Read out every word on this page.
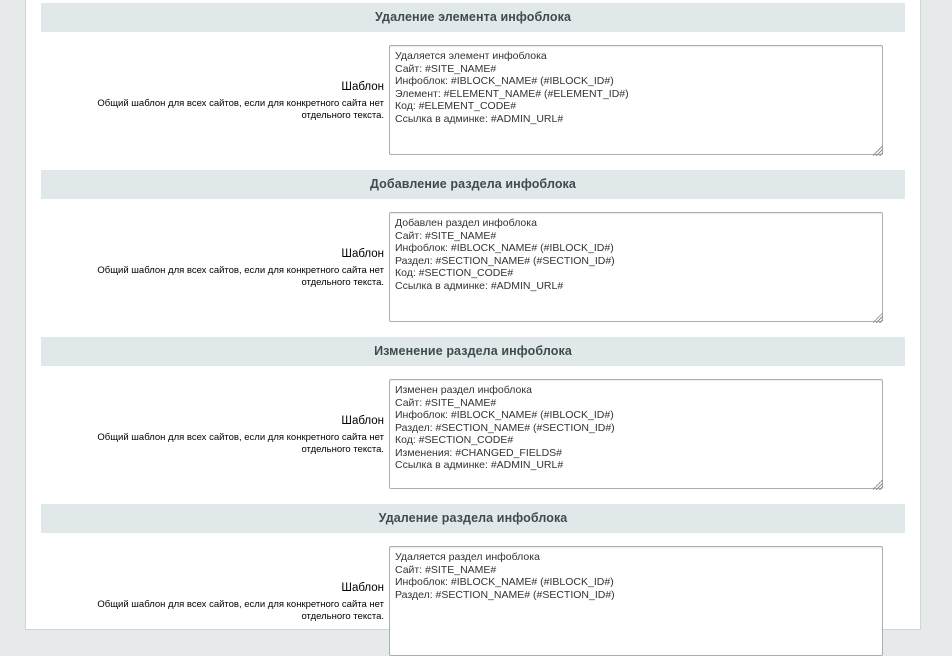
Удаление элемента инфоблока
Шаблон
Общий шаблон для всех сайтов, если для конкретного сайта нет отдельного текста.
Удаляется элемент инфоблока
Сайт: #SITE_NAME#
Инфоблок: #IBLOCK_NAME# (#IBLOCK_ID#)
Элемент: #ELEMENT_NAME# (#ELEMENT_ID#)
Код: #ELEMENT_CODE#
Ссылка в админке: #ADMIN_URL#
Добавление раздела инфоблока
Шаблон
Общий шаблон для всех сайтов, если для конкретного сайта нет отдельного текста.
Добавлен раздел инфоблока
Сайт: #SITE_NAME#
Инфоблок: #IBLOCK_NAME# (#IBLOCK_ID#)
Раздел: #SECTION_NAME# (#SECTION_ID#)
Код: #SECTION_CODE#
Ссылка в админке: #ADMIN_URL#
Изменение раздела инфоблока
Шаблон
Общий шаблон для всех сайтов, если для конкретного сайта нет отдельного текста.
Изменен раздел инфоблока
Сайт: #SITE_NAME#
Инфоблок: #IBLOCK_NAME# (#IBLOCK_ID#)
Раздел: #SECTION_NAME# (#SECTION_ID#)
Код: #SECTION_CODE#
Изменения: #CHANGED_FIELDS#
Ссылка в админке: #ADMIN_URL#
Удаление раздела инфоблока
Шаблон
Общий шаблон для всех сайтов, если для конкретного сайта нет отдельного текста.
Удаляется раздел инфоблока
Сайт: #SITE_NAME#
Инфоблок: #IBLOCK_NAME# (#IBLOCK_ID#)
Раздел: #SECTION_NAME# (#SECTION_ID#)
